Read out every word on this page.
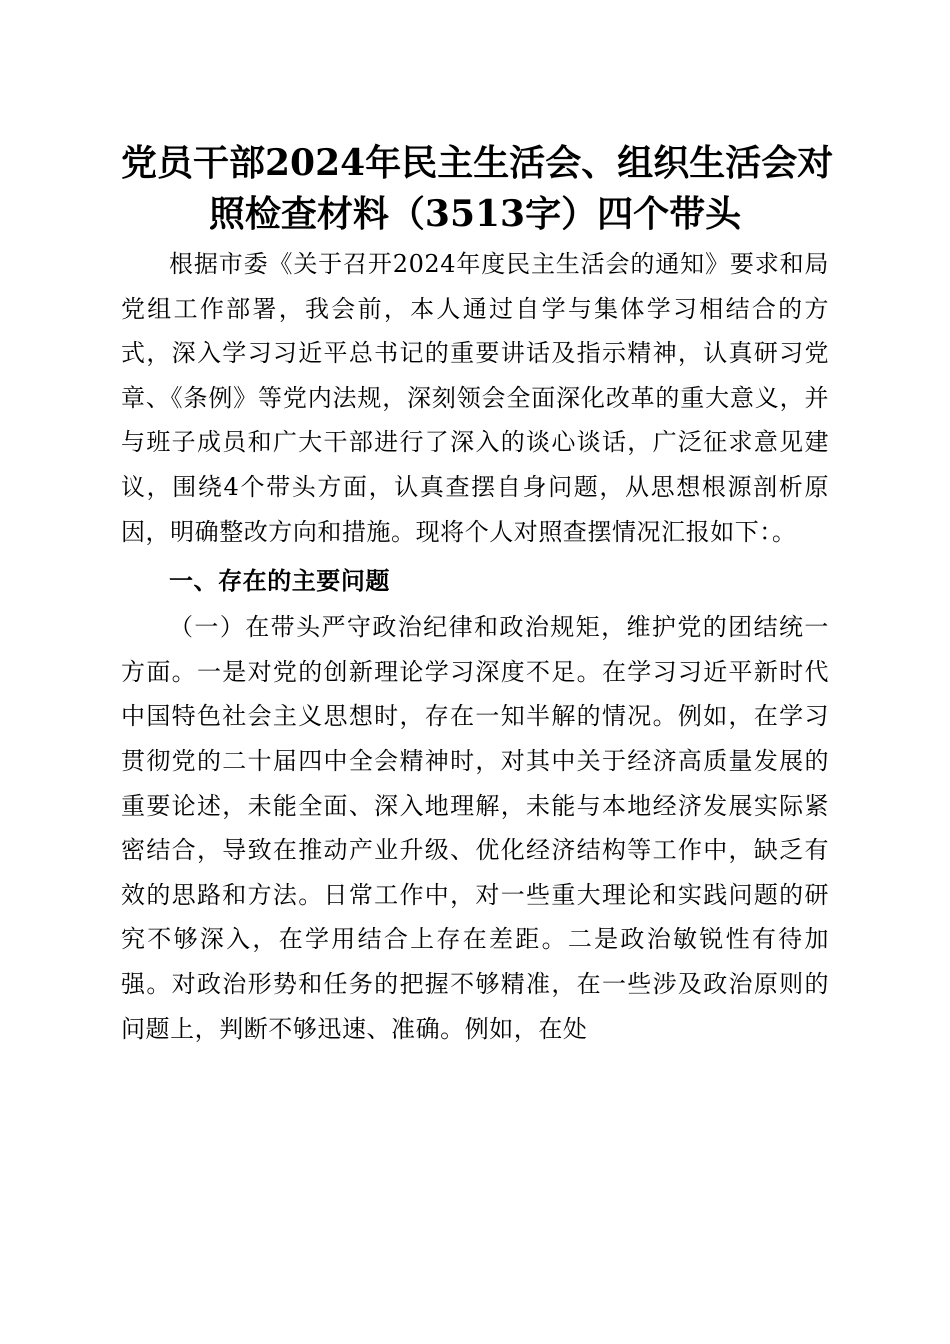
党员干部2024年民主生活会、组织生活会对
照检查材料（3513字）四个带头

根据市委《关于召开2024年度民主生活会的通知》要求和局党组工作部署，我会前，本人通过自学与集体学习相结合的方式，深入学习习近平总书记的重要讲话及指示精神，认真研习党章、《条例》等党内法规，深刻领会全面深化改革的重大意义，并与班子成员和广大干部进行了深入的谈心谈话，广泛征求意见建议，围绕4个带头方面，认真查摆自身问题，从思想根源剖析原因，明确整改方向和措施。现将个人对照查摆情况汇报如下：。

一、存在的主要问题

（一）在带头严守政治纪律和政治规矩，维护党的团结统一方面。一是对党的创新理论学习深度不足。在学习习近平新时代中国特色社会主义思想时，存在一知半解的情况。例如，在学习贯彻党的二十届四中全会精神时，对其中关于经济高质量发展的重要论述，未能全面、深入地理解，未能与本地经济发展实际紧密结合，导致在推动产业升级、优化经济结构等工作中，缺乏有效的思路和方法。日常工作中，对一些重大理论和实践问题的研究不够深入，在学用结合上存在差距。二是政治敏锐性有待加强。对政治形势和任务的把握不够精准，在一些涉及政治原则的问题上，判断不够迅速、准确。例如，在处
